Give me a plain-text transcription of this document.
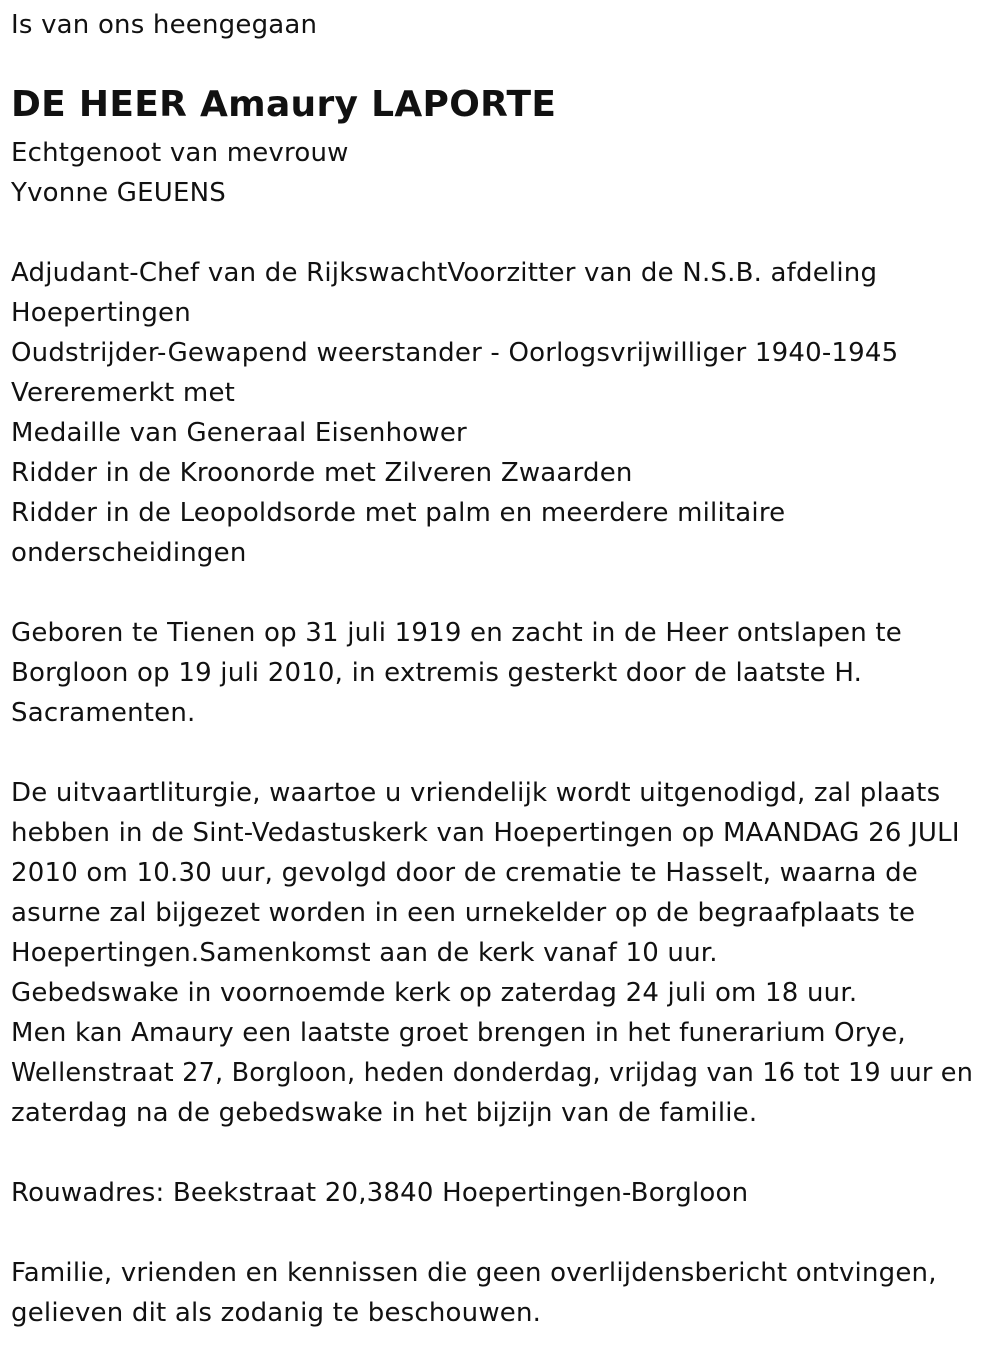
Is van ons heengegaan
DE HEER Amaury LAPORTE
Echtgenoot van mevrouw
Yvonne GEUENS
Adjudant-Chef van de RijkswachtVoorzitter van de N.S.B. afdeling
Hoepertingen
Oudstrijder-Gewapend weerstander - Oorlogsvrijwilliger 1940-1945
Vereremerkt met
Medaille van Generaal Eisenhower
Ridder in de Kroonorde met Zilveren Zwaarden
Ridder in de Leopoldsorde met palm en meerdere militaire
onderscheidingen
Geboren te Tienen op 31 juli 1919 en zacht in de Heer ontslapen te
Borgloon op 19 juli 2010, in extremis gesterkt door de laatste H.
Sacramenten.
De uitvaartliturgie, waartoe u vriendelijk wordt uitgenodigd, zal plaats
hebben in de Sint-Vedastuskerk van Hoepertingen op MAANDAG 26 JULI
2010 om 10.30 uur, gevolgd door de crematie te Hasselt, waarna de
asurne zal bijgezet worden in een urnekelder op de begraafplaats te
Hoepertingen.Samenkomst aan de kerk vanaf 10 uur.
Gebedswake in voornoemde kerk op zaterdag 24 juli om 18 uur.
Men kan Amaury een laatste groet brengen in het funerarium Orye,
Wellenstraat 27, Borgloon, heden donderdag, vrijdag van 16 tot 19 uur en
zaterdag na de gebedswake in het bijzijn van de familie.
Rouwadres: Beekstraat 20,3840 Hoepertingen-Borgloon
Familie, vrienden en kennissen die geen overlijdensbericht ontvingen,
gelieven dit als zodanig te beschouwen.
